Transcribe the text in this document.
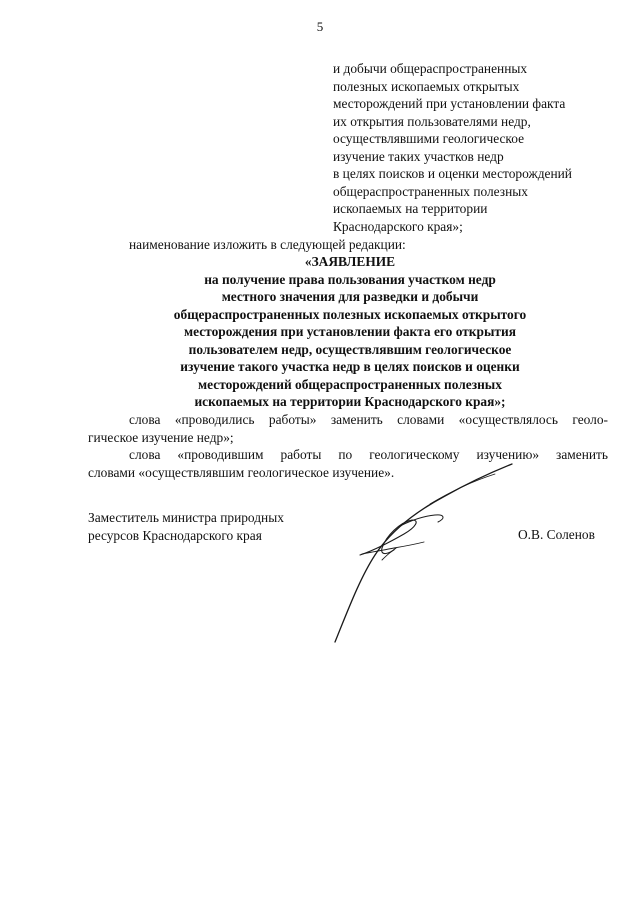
5
и добычи общераспространенных
полезных ископаемых открытых
месторождений при установлении факта
их открытия пользователями недр,
осуществлявшими геологическое
изучение таких участков недр
в целях поисков и оценки месторождений
общераспространенных полезных
ископаемых на территории
Краснодарского края»;
наименование изложить в следующей редакции:
«ЗАЯВЛЕНИЕ
на получение права пользования участком недр
местного значения для разведки и добычи
общераспространенных полезных ископаемых открытого
месторождения при установлении факта его открытия
пользователем недр, осуществлявшим геологическое
изучение такого участка недр в целях поисков и оценки
месторождений общераспространенных полезных
ископаемых на территории Краснодарского края»;
слова «проводились работы» заменить словами «осуществлялось геоло-
гическое изучение недр»;
слова «проводившим работы по геологическому изучению» заменить
словами «осуществлявшим геологическое изучение».
Заместитель министра природных
ресурсов Краснодарского края	О.В. Соленов
